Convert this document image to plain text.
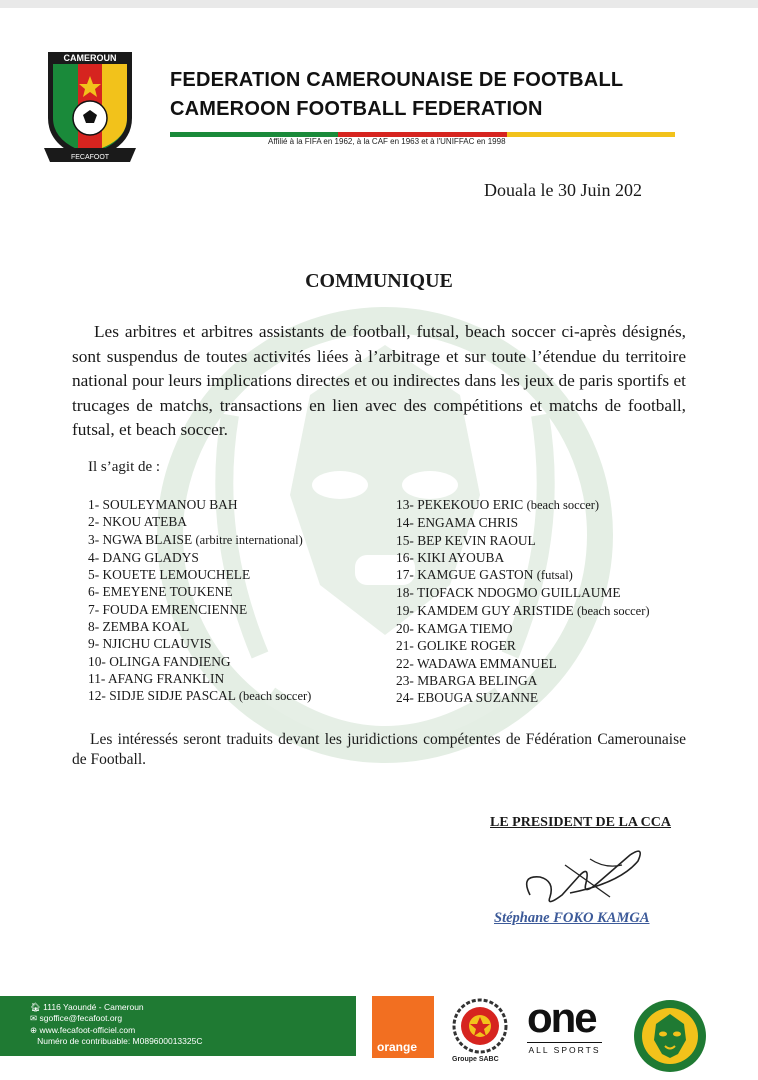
CAMEROUN
FECAFOOT
FEDERATION CAMEROUNAISE DE FOOTBALL
CAMEROON FOOTBALL FEDERATION
Affilié à la FIFA en 1962, à la CAF en 1963 et à l'UNIFFAC en 1998
Douala le 30 Juin 202
COMMUNIQUE
Les arbitres et arbitres assistants de football, futsal, beach soccer ci-après désignés, sont suspendus de toutes activités liées à l’arbitrage et sur toute l’étendue du territoire national pour leurs implications directes et ou indirectes dans les jeux de paris sportifs et trucages de matchs, transactions en lien avec des compétitions et matchs de football, futsal, et beach soccer.
Il s’agit de :
1- SOULEYMANOU BAH
2- NKOU ATEBA
3- NGWA BLAISE (arbitre international)
4- DANG GLADYS
5- KOUETE LEMOUCHELE
6- EMEYENE TOUKENE
7- FOUDA EMRENCIENNE
8- ZEMBA KOAL
9- NJICHU CLAUVIS
10- OLINGA FANDIENG
11- AFANG FRANKLIN
12- SIDJE SIDJE PASCAL (beach soccer)
13- PEKEKOUO ERIC (beach soccer)
14- ENGAMA CHRIS
15- BEP KEVIN RAOUL
16- KIKI AYOUBA
17- KAMGUE GASTON (futsal)
18- TIOFACK NDOGMO GUILLAUME
19- KAMDEM GUY ARISTIDE (beach soccer)
20- KAMGA TIEMO
21- GOLIKE ROGER
22- WADAWA EMMANUEL
23- MBARGA BELINGA
24- EBOUGA SUZANNE
Les intéressés seront traduits devant les juridictions compétentes de Fédération Camerounaise de Football.
LE PRESIDENT DE LA CCA
Stéphane FOKO KAMGA
🏠︎ 1116 Yaoundé - Cameroun
✉ sgoffice@fecafoot.org
⊕ www.fecafoot-officiel.com
Numéro de contribuable: M089600013325C	orange
Groupe SABC
one
ALL SPORTS
